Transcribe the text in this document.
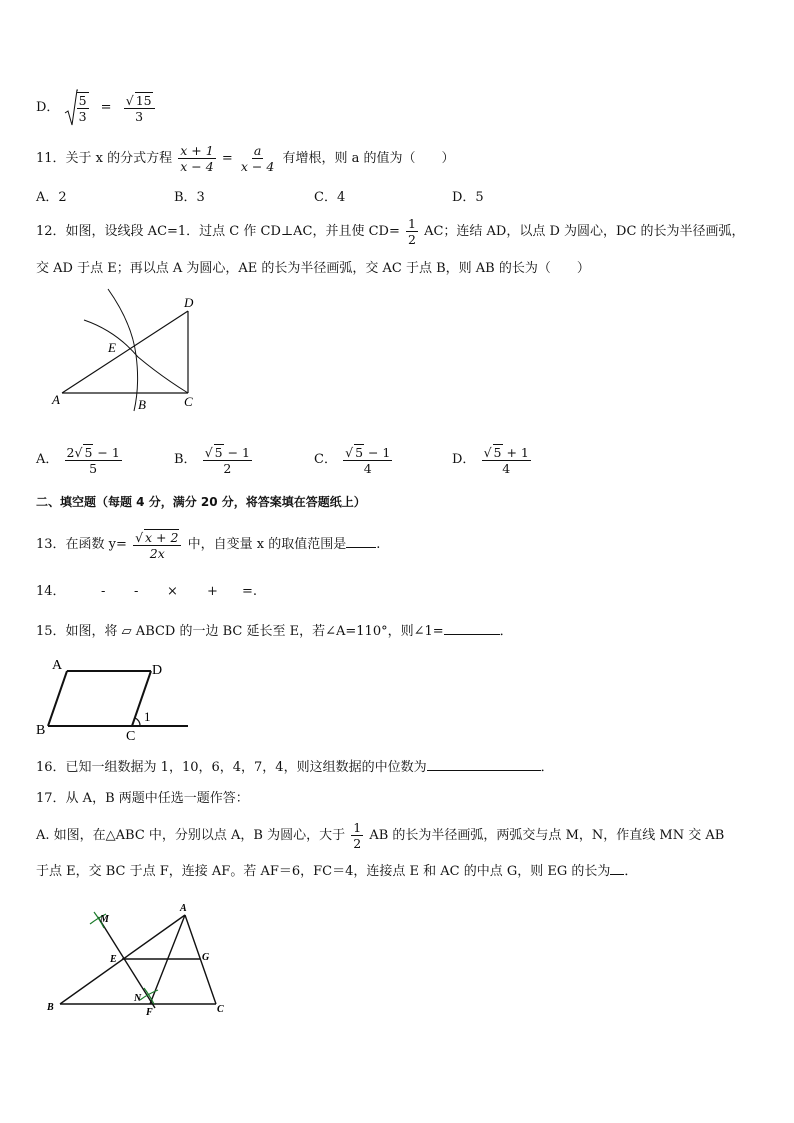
D． $\frac{5}{3} = \frac{√ 15}{3}$
11．关于 x 的分式方程 $\frac{x + 1}{x - 4} = \frac{a}{x - 4}$ 有增根，则 a 的值为（　　）
A．2	B．3	C．4	D．5
12．如图，设线段 AC=1．过点 C 作 CD⊥AC，并且使 $CD= \frac{1}{2}$ AC；连结 AD，以点 D 为圆心，DC 的长为半径画弧，
交 AD 于点 E；再以点 A 为圆心，AE 的长为半径画弧，交 AC 于点 B，则 AB 的长为（　　）
A	B	C
D
E
A． $\frac{2√ 5 - 1}{5}$	B． $\frac{√ 5 - 1}{2}$	C． $\frac{√ 5 - 1}{4}$	D． $\frac{√ 5 + 1}{4}$
二、填空题（每题 4 分，满分 20 分，将答案填在答题纸上）
13．在函数 $y= \frac{√ x + 2}{2x}$ 中，自变量 x 的取值范围是 .
14．	- - × + =.
15．如图，将 ▱ ABCD 的一边 BC 延长至 E，若∠A=110°，则∠1=	．
A
B	C
D
1
16．已知一组数据为 1，10，6，4，7，4，则这组数据的中位数为	．
17．从 A，B 两题中任选一题作答：
A. 如图，在△ABC 中，分别以点 A，B 为圆心，大于 $\frac{1}{2}$ AB 的长为半径画弧，两弧交与点 M，N，作直线 MN 交 AB
于点 E，交 BC 于点 F，连接 AF。若 AF＝6，FC＝4，连接点 E 和 AC 的中点 G，则 EG 的长为 ．
A
B	C
E
F
G
M
N
